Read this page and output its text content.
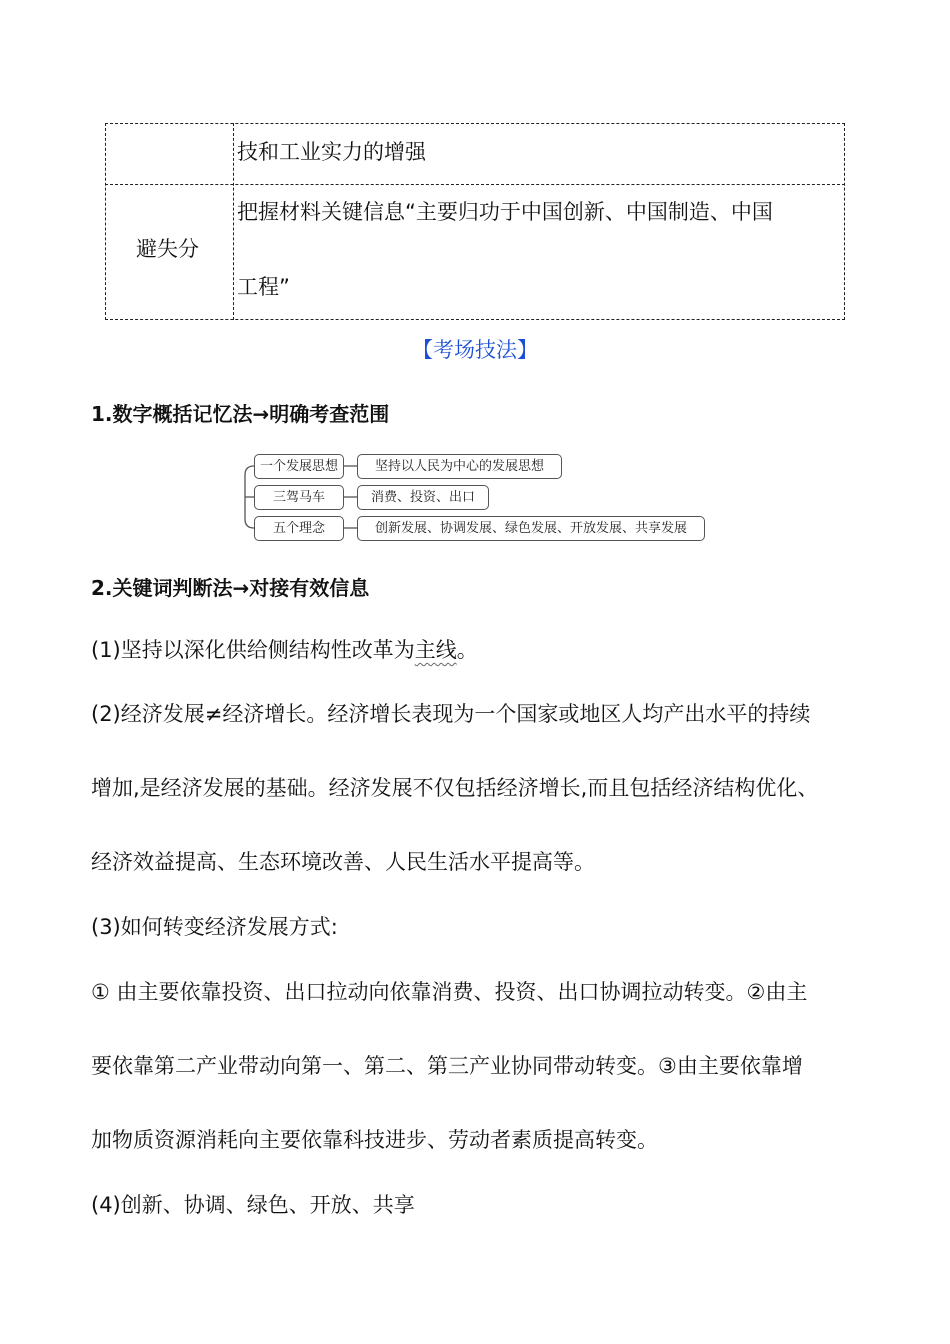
技和工业实力的增强
避失分
把握材料关键信息“主要归功于中国创新、中国制造、中国
工程”
【考场技法】
1.数字概括记忆法→明确考查范围
一个发展思想
三驾马车
五个理念
坚持以人民为中心的发展思想
消费、投资、出口
创新发展、协调发展、绿色发展、开放发展、共享发展
2.关键词判断法→对接有效信息
(1)坚持以深化供给侧结构性改革为主线。
(2)经济发展≠经济增长。经济增长表现为一个国家或地区人均产出水平的持续
增加,是经济发展的基础。经济发展不仅包括经济增长,而且包括经济结构优化、
经济效益提高、生态环境改善、人民生活水平提高等。
(3)如何转变经济发展方式:
① 由主要依靠投资、出口拉动向依靠消费、投资、出口协调拉动转变。②由主
要依靠第二产业带动向第一、第二、第三产业协同带动转变。③由主要依靠增
加物质资源消耗向主要依靠科技进步、劳动者素质提高转变。
(4)创新、协调、绿色、开放、共享
